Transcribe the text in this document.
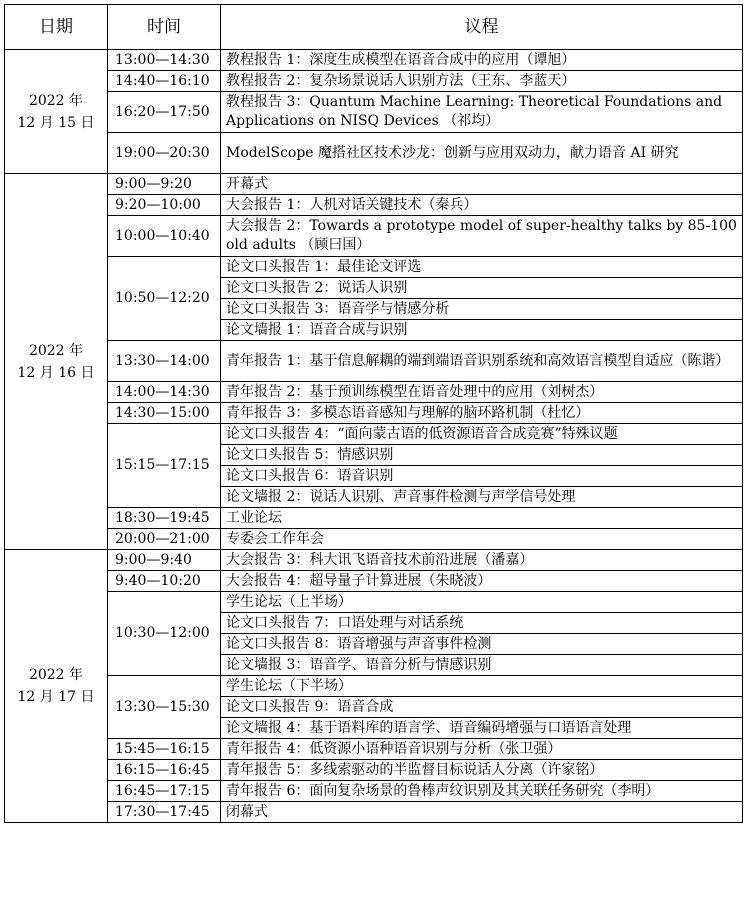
日期	时间	议程
2022 年
12 月 15 日	13:00—14:30	教程报告 1：深度生成模型在语音合成中的应用（谭旭）
	14:40—16:10	教程报告 2：复杂场景说话人识别方法（王东、李蓝天）
	16:20—17:50	教程报告 3：Quantum Machine Learning: Theoretical Foundations and Applications on NISQ Devices （祁均）
	19:00—20:30	ModelScope 魔搭社区技术沙龙：创新与应用双动力，献力语音 AI 研究
2022 年
12 月 16 日	9:00—9:20	开幕式
	9:20—10:00	大会报告 1：人机对话关键技术（秦兵）
	10:00—10:40	大会报告 2：Towards a prototype model of super-healthy talks by 85-100 old adults （顾曰国）
	10:50—12:20	论文口头报告 1：最佳论文评选
		论文口头报告 2：说话人识别
		论文口头报告 3：语音学与情感分析
		论文墙报 1：语音合成与识别
	13:30—14:00	青年报告 1：基于信息解耦的端到端语音识别系统和高效语言模型自适应（陈谐）
	14:00—14:30	青年报告 2：基于预训练模型在语音处理中的应用（刘树杰）
	14:30—15:00	青年报告 3：多模态语音感知与理解的脑环路机制（杜忆）
	15:15—17:15	论文口头报告 4：“面向蒙古语的低资源语音合成竞赛”特殊议题
		论文口头报告 5：情感识别
		论文口头报告 6：语音识别
		论文墙报 2：说话人识别、声音事件检测与声学信号处理
	18:30—19:45	工业论坛
	20:00—21:00	专委会工作年会
2022 年
12 月 17 日	9:00—9:40	大会报告 3：科大讯飞语音技术前沿进展（潘嘉）
	9:40—10:20	大会报告 4：超导量子计算进展（朱晓波）
	10:30—12:00	学生论坛（上半场）
		论文口头报告 7：口语处理与对话系统
		论文口头报告 8：语音增强与声音事件检测
		论文墙报 3：语音学、语音分析与情感识别
	13:30—15:30	学生论坛（下半场）
		论文口头报告 9：语音合成
		论文墙报 4：基于语料库的语言学、语音编码增强与口语语言处理
	15:45—16:15	青年报告 4：低资源小语种语音识别与分析（张卫强）
	16:15—16:45	青年报告 5：多线索驱动的半监督目标说话人分离（许家铭）
	16:45—17:15	青年报告 6：面向复杂场景的鲁棒声纹识别及其关联任务研究（李明）
	17:30—17:45	闭幕式
